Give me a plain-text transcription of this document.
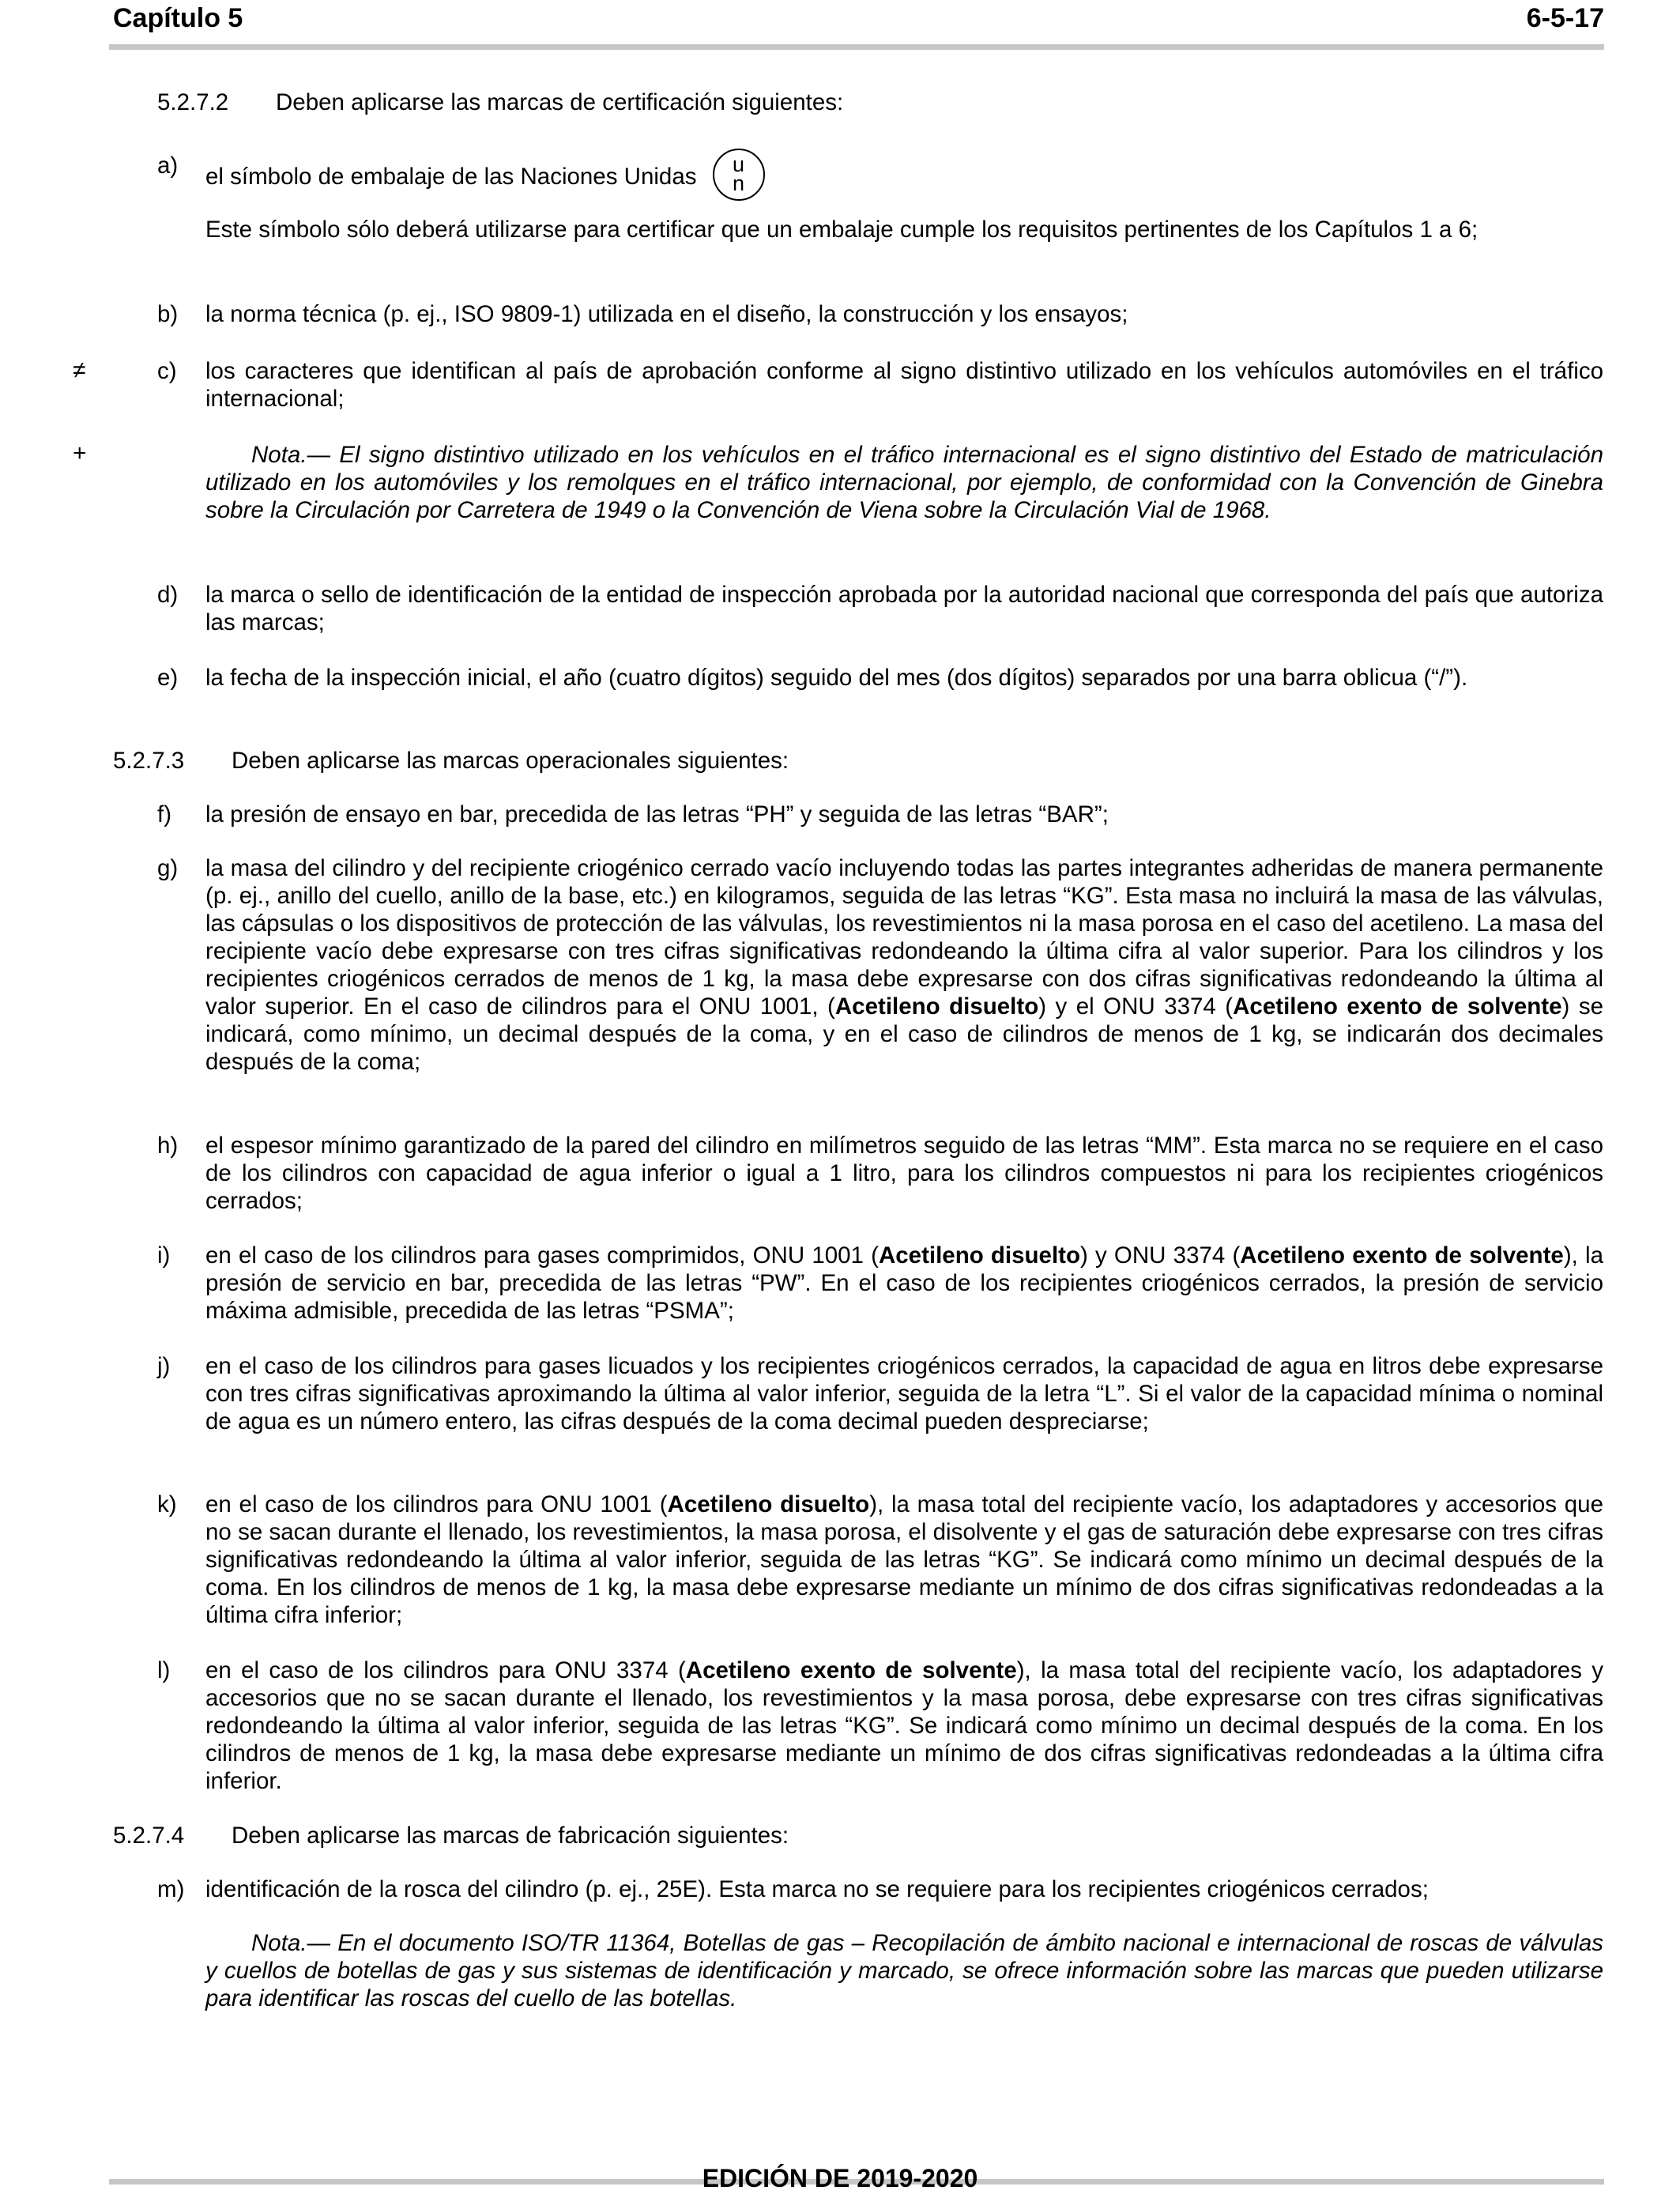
Capítulo 5	6-5-17
5.2.7.2 Deben aplicarse las marcas de certificación siguientes:
a) el símbolo de embalaje de las Naciones Unidas u
n
Este símbolo sólo deberá utilizarse para certificar que un embalaje cumple los requisitos pertinentes de los Capítulos 1 a 6;
b) la norma técnica (p. ej., ISO 9809-1) utilizada en el diseño, la construcción y los ensayos;
≠	c) los caracteres que identifican al país de aprobación conforme al signo distintivo utilizado en los vehículos automóviles en el tráfico internacional;
+	Nota.— El signo distintivo utilizado en los vehículos en el tráfico internacional es el signo distintivo del Estado de matriculación utilizado en los automóviles y los remolques en el tráfico internacional, por ejemplo, de conformidad con la Convención de Ginebra sobre la Circulación por Carretera de 1949 o la Convención de Viena sobre la Circulación Vial de 1968.
d) la marca o sello de identificación de la entidad de inspección aprobada por la autoridad nacional que corresponda del país que autoriza las marcas;
e) la fecha de la inspección inicial, el año (cuatro dígitos) seguido del mes (dos dígitos) separados por una barra oblicua (“/”).
5.2.7.3 Deben aplicarse las marcas operacionales siguientes:
f) la presión de ensayo en bar, precedida de las letras “PH” y seguida de las letras “BAR”;
g) la masa del cilindro y del recipiente criogénico cerrado vacío incluyendo todas las partes integrantes adheridas de manera permanente (p. ej., anillo del cuello, anillo de la base, etc.) en kilogramos, seguida de las letras “KG”. Esta masa no incluirá la masa de las válvulas, las cápsulas o los dispositivos de protección de las válvulas, los revestimientos ni la masa porosa en el caso del acetileno. La masa del recipiente vacío debe expresarse con tres cifras significativas redondeando la última cifra al valor superior. Para los cilindros y los recipientes criogénicos cerrados de menos de 1 kg, la masa debe expresarse con dos cifras significativas redondeando la última al valor superior. En el caso de cilindros para el ONU 1001, (Acetileno disuelto) y el ONU 3374 (Acetileno exento de solvente) se indicará, como mínimo, un decimal después de la coma, y en el caso de cilindros de menos de 1 kg, se indicarán dos decimales después de la coma;
h) el espesor mínimo garantizado de la pared del cilindro en milímetros seguido de las letras “MM”. Esta marca no se requiere en el caso de los cilindros con capacidad de agua inferior o igual a 1 litro, para los cilindros compuestos ni para los recipientes criogénicos cerrados;
i) en el caso de los cilindros para gases comprimidos, ONU 1001 (Acetileno disuelto) y ONU 3374 (Acetileno exento de solvente), la presión de servicio en bar, precedida de las letras “PW”. En el caso de los recipientes criogénicos cerrados, la presión de servicio máxima admisible, precedida de las letras “PSMA”;
j) en el caso de los cilindros para gases licuados y los recipientes criogénicos cerrados, la capacidad de agua en litros debe expresarse con tres cifras significativas aproximando la última al valor inferior, seguida de la letra “L”. Si el valor de la capacidad mínima o nominal de agua es un número entero, las cifras después de la coma decimal pueden despreciarse;
k) en el caso de los cilindros para ONU 1001 (Acetileno disuelto), la masa total del recipiente vacío, los adaptadores y accesorios que no se sacan durante el llenado, los revestimientos, la masa porosa, el disolvente y el gas de saturación debe expresarse con tres cifras significativas redondeando la última al valor inferior, seguida de las letras “KG”. Se indicará como mínimo un decimal después de la coma. En los cilindros de menos de 1 kg, la masa debe expresarse mediante un mínimo de dos cifras significativas redondeadas a la última cifra inferior;
l) en el caso de los cilindros para ONU 3374 (Acetileno exento de solvente), la masa total del recipiente vacío, los adaptadores y accesorios que no se sacan durante el llenado, los revestimientos y la masa porosa, debe expresarse con tres cifras significativas redondeando la última al valor inferior, seguida de las letras “KG”. Se indicará como mínimo un decimal después de la coma. En los cilindros de menos de 1 kg, la masa debe expresarse mediante un mínimo de dos cifras significativas redondeadas a la última cifra inferior.
5.2.7.4 Deben aplicarse las marcas de fabricación siguientes:
m) identificación de la rosca del cilindro (p. ej., 25E). Esta marca no se requiere para los recipientes criogénicos cerrados;
Nota.— En el documento ISO/TR 11364, Botellas de gas – Recopilación de ámbito nacional e internacional de roscas de válvulas y cuellos de botellas de gas y sus sistemas de identificación y marcado, se ofrece información sobre las marcas que pueden utilizarse para identificar las roscas del cuello de las botellas.
EDICIÓN DE 2019-2020
